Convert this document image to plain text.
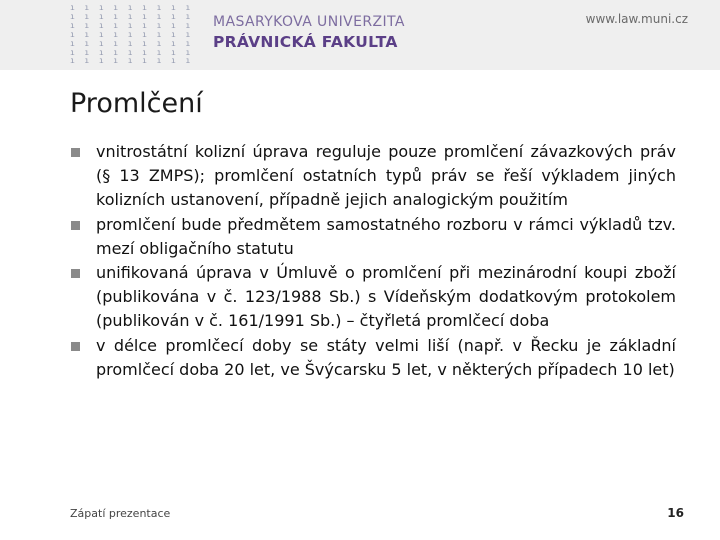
ı ı ı ı ı ı ı ı ı
ı ı ı ı ı ı ı ı ı
ı ı ı ı ı ı ı ı ı
ı ı ı ı ı ı ı ı ı
ı ı ı ı ı ı ı ı ı
ı ı ı ı ı ı ı ı ı
ı ı ı ı ı ı ı ı ı
MASARYKOVA UNIVERZITA
PRÁVNICKÁ FAKULTA
www.law.muni.cz
Promlčení
vnitrostátní kolizní úprava reguluje pouze promlčení závazkových práv (§ 13 ZMPS); promlčení ostatních typů práv se řeší výkladem jiných kolizních ustanovení, případně jejich analogickým použitím
promlčení bude předmětem samostatného rozboru v rámci výkladů tzv. mezí obligačního statutu
unifikovaná úprava v Úmluvě o promlčení při mezinárodní koupi zboží (publikována v č. 123/1988 Sb.) s Vídeňským dodatkovým protokolem (publikován v č. 161/1991 Sb.) – čtyřletá promlčecí doba
v délce promlčecí doby se státy velmi liší (např. v Řecku je základní promlčecí doba 20 let, ve Švýcarsku 5 let, v některých případech 10 let)
Zápatí prezentace	16
